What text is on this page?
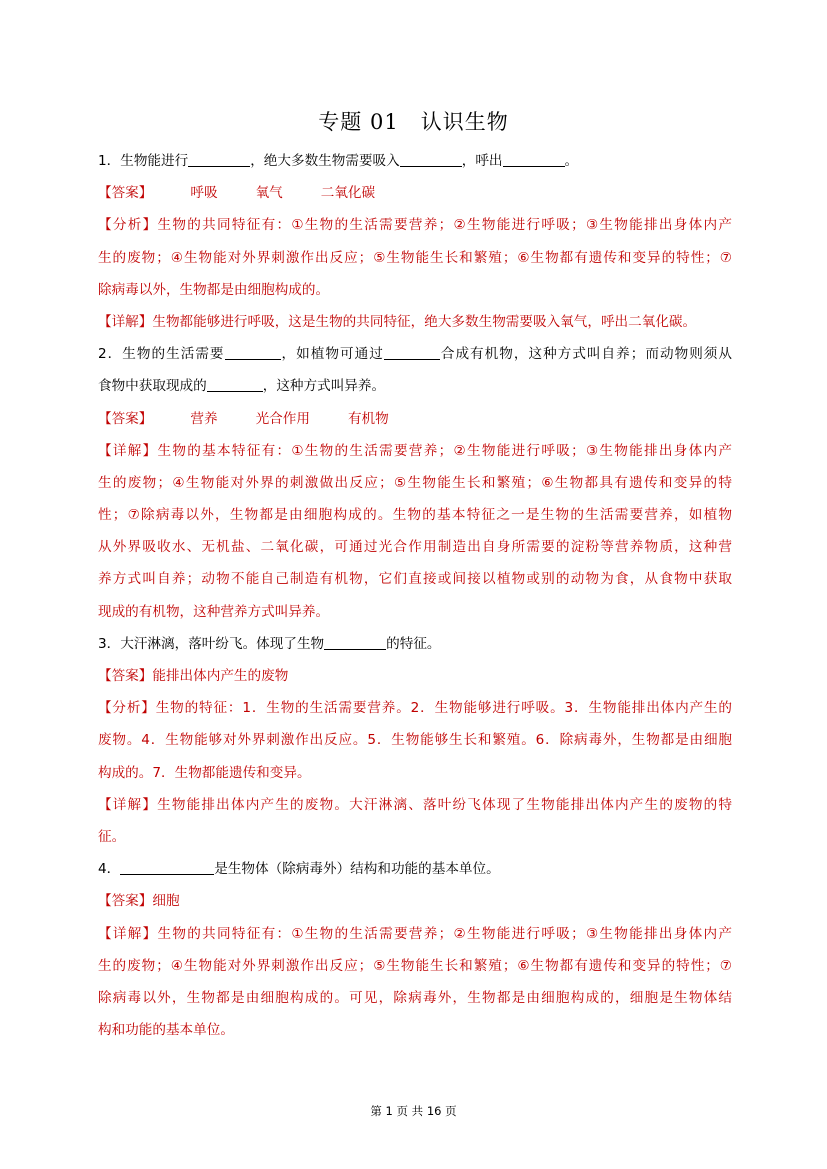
专题 01　认识生物
1．生物能进行	，绝大多数生物需要吸入	，呼出	。
【答案】	呼吸	氧气	二氧化碳
【分析】生物的共同特征有：①生物的生活需要营养；②生物能进行呼吸；③生物能排出身体内产
生的废物；④生物能对外界刺激作出反应；⑤生物能生长和繁殖；⑥生物都有遗传和变异的特性；⑦
除病毒以外，生物都是由细胞构成的。
【详解】生物都能够进行呼吸，这是生物的共同特征，绝大多数生物需要吸入氧气，呼出二氧化碳。
2．生物的生活需要	，如植物可通过	合成有机物，这种方式叫自养；而动物则须从
食物中获取现成的	，这种方式叫异养。
【答案】	营养	光合作用	有机物
【详解】生物的基本特征有：①生物的生活需要营养；②生物能进行呼吸；③生物能排出身体内产
生的废物；④生物能对外界的刺激做出反应；⑤生物能生长和繁殖；⑥生物都具有遗传和变异的特
性；⑦除病毒以外，生物都是由细胞构成的。生物的基本特征之一是生物的生活需要营养，如植物
从外界吸收水、无机盐、二氧化碳，可通过光合作用制造出自身所需要的淀粉等营养物质，这种营
养方式叫自养；动物不能自己制造有机物，它们直接或间接以植物或别的动物为食，从食物中获取
现成的有机物，这种营养方式叫异养。
3．大汗淋漓，落叶纷飞。体现了生物	的特征。
【答案】能排出体内产生的废物
【分析】生物的特征：1．生物的生活需要营养。2．生物能够进行呼吸。3．生物能排出体内产生的
废物。4．生物能够对外界刺激作出反应。5．生物能够生长和繁殖。6．除病毒外，生物都是由细胞
构成的。7．生物都能遗传和变异。
【详解】生物能排出体内产生的废物。大汗淋漓、落叶纷飞体现了生物能排出体内产生的废物的特
征。
4．	是生物体（除病毒外）结构和功能的基本单位。
【答案】细胞
【详解】生物的共同特征有：①生物的生活需要营养；②生物能进行呼吸；③生物能排出身体内产
生的废物；④生物能对外界刺激作出反应；⑤生物能生长和繁殖；⑥生物都有遗传和变异的特性；⑦
除病毒以外，生物都是由细胞构成的。可见，除病毒外，生物都是由细胞构成的，细胞是生物体结
构和功能的基本单位。
第 1 页 共 16 页
